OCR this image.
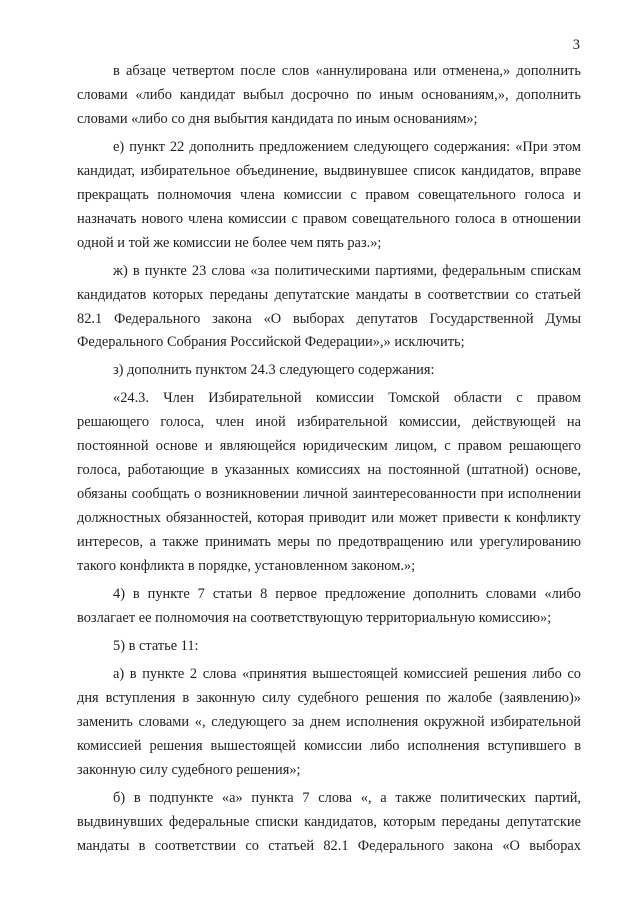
3

в абзаце четвертом после слов «аннулирована или отменена,» дополнить словами «либо кандидат выбыл досрочно по иным основаниям,», дополнить словами «либо со дня выбытия кандидата по иным основаниям»;

е) пункт 22 дополнить предложением следующего содержания: «При этом кандидат, избирательное объединение, выдвинувшее список кандидатов, вправе прекращать полномочия члена комиссии с правом совещательного голоса и назначать нового члена комиссии с правом совещательного голоса в отношении одной и той же комиссии не более чем пять раз.»;

ж) в пункте 23 слова «за политическими партиями, федеральным спискам кандидатов которых переданы депутатские мандаты в соответствии со статьей 82.1 Федерального закона «О выборах депутатов Государственной Думы Федерального Собрания Российской Федерации»,» исключить;

з) дополнить пунктом 24.3 следующего содержания:

«24.3. Член Избирательной комиссии Томской области с правом решающего голоса, член иной избирательной комиссии, действующей на постоянной основе и являющейся юридическим лицом, с правом решающего голоса, работающие в указанных комиссиях на постоянной (штатной) основе, обязаны сообщать о возникновении личной заинтересованности при исполнении должностных обязанностей, которая приводит или может привести к конфликту интересов, а также принимать меры по предотвращению или урегулированию такого конфликта в порядке, установленном законом.»;

4) в пункте 7 статьи 8 первое предложение дополнить словами «либо возлагает ее полномочия на соответствующую территориальную комиссию»;

5) в статье 11:

а) в пункте 2 слова «принятия вышестоящей комиссией решения либо со дня вступления в законную силу судебного решения по жалобе (заявлению)» заменить словами «, следующего за днем исполнения окружной избирательной комиссией решения вышестоящей комиссии либо исполнения вступившего в законную силу судебного решения»;

б) в подпункте «а» пункта 7 слова «, а также политических партий, выдвинувших федеральные списки кандидатов, которым переданы депутатские мандаты в соответствии со статьей 82.1 Федерального закона «О выборах
